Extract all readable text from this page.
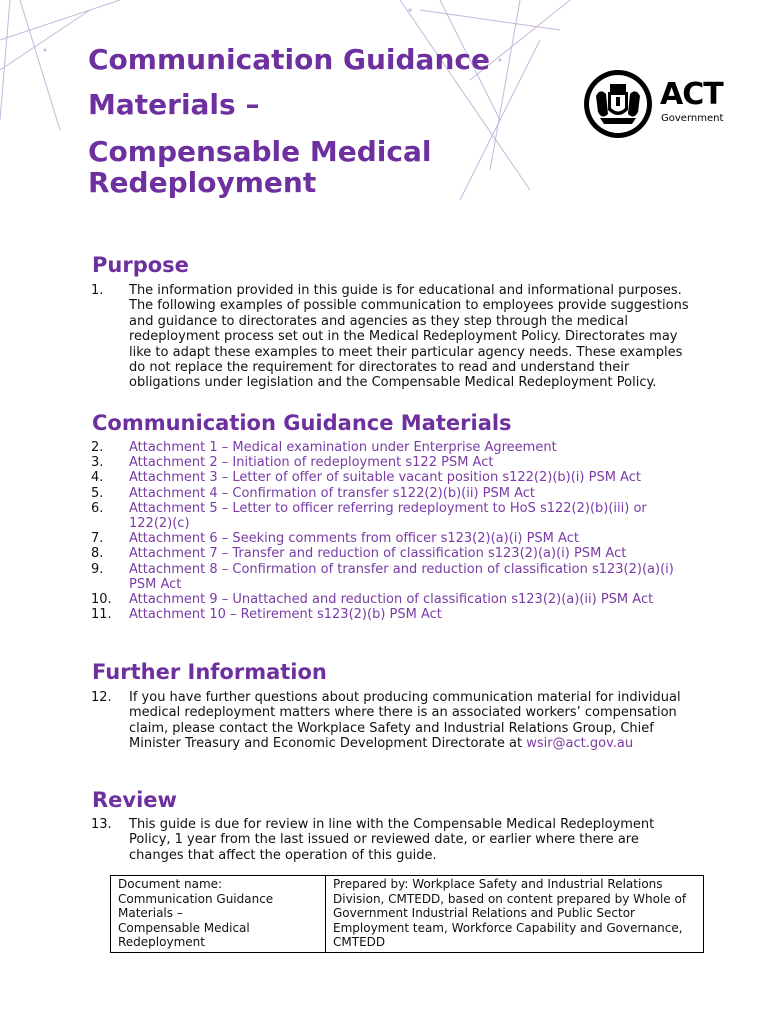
Communication Guidance
Materials –
Compensable Medical
Redeployment
ACT
Government
Purpose
1. The information provided in this guide is for educational and informational purposes. The following examples of possible communication to employees provide suggestions and guidance to directorates and agencies as they step through the medical redeployment process set out in the Medical Redeployment Policy. Directorates may like to adapt these examples to meet their particular agency needs. These examples do not replace the requirement for directorates to read and understand their obligations under legislation and the Compensable Medical Redeployment Policy.
Communication Guidance Materials
2. Attachment 1 – Medical examination under Enterprise Agreement
3. Attachment 2 – Initiation of redeployment s122 PSM Act
4. Attachment 3 – Letter of offer of suitable vacant position s122(2)(b)(i) PSM Act
5. Attachment 4 – Confirmation of transfer s122(2)(b)(ii) PSM Act
6. Attachment 5 – Letter to officer referring redeployment to HoS s122(2)(b)(iii) or 122(2)(c)
7. Attachment 6 – Seeking comments from officer s123(2)(a)(i) PSM Act
8. Attachment 7 – Transfer and reduction of classification s123(2)(a)(i) PSM Act
9. Attachment 8 – Confirmation of transfer and reduction of classification s123(2)(a)(i) PSM Act
10. Attachment 9 – Unattached and reduction of classification s123(2)(a)(ii) PSM Act
11. Attachment 10 – Retirement s123(2)(b) PSM Act
Further Information
12. If you have further questions about producing communication material for individual medical redeployment matters where there is an associated workers’ compensation claim, please contact the Workplace Safety and Industrial Relations Group, Chief Minister Treasury and Economic Development Directorate at wsir@act.gov.au
Review
13. This guide is due for review in line with the Compensable Medical Redeployment Policy, 1 year from the last issued or reviewed date, or earlier where there are changes that affect the operation of this guide.
Document name:
Communication Guidance
Materials –
Compensable Medical
Redeployment
	Prepared by: Workplace Safety and Industrial Relations Division, CMTEDD, based on content prepared by Whole of Government Industrial Relations and Public Sector Employment team, Workforce Capability and Governance, CMTEDD
